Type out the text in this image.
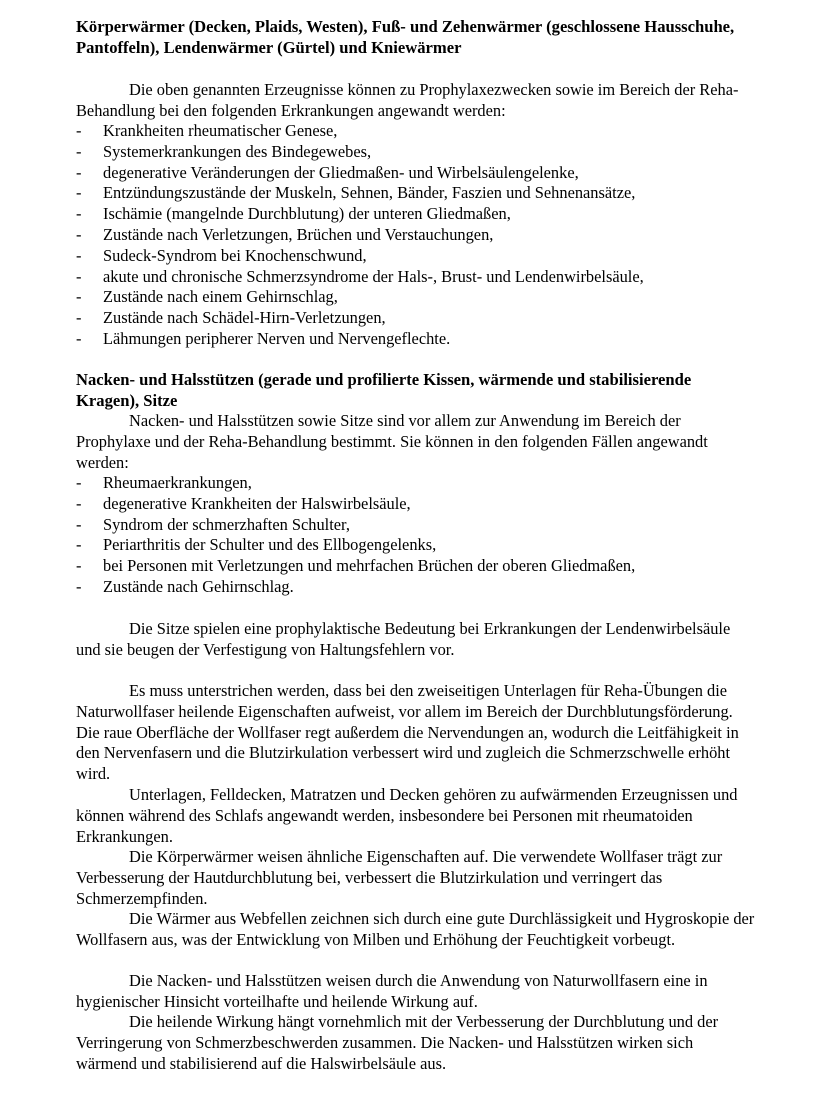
Körperwärmer (Decken, Plaids, Westen), Fuß- und Zehenwärmer (geschlossene Hausschuhe, Pantoffeln), Lendenwärmer (Gürtel) und Kniewärmer

Die oben genannten Erzeugnisse können zu Prophylaxezwecken sowie im Bereich der Reha-Behandlung bei den folgenden Erkrankungen angewandt werden:

- Krankheiten rheumatischer Genese,
- Systemerkrankungen des Bindegewebes,
- degenerative Veränderungen der Gliedmaßen- und Wirbelsäulengelenke,
- Entzündungszustände der Muskeln, Sehnen, Bänder, Faszien und Sehnenansätze,
- Ischämie (mangelnde Durchblutung) der unteren Gliedmaßen,
- Zustände nach Verletzungen, Brüchen und Verstauchungen,
- Sudeck-Syndrom bei Knochenschwund,
- akute und chronische Schmerzsyndrome der Hals-, Brust- und Lendenwirbelsäule,
- Zustände nach einem Gehirnschlag,
- Zustände nach Schädel-Hirn-Verletzungen,
- Lähmungen peripherer Nerven und Nervengeflechte.

Nacken- und Halsstützen (gerade und profilierte Kissen, wärmende und stabilisierende Kragen), Sitze

Nacken- und Halsstützen sowie Sitze sind vor allem zur Anwendung im Bereich der Prophylaxe und der Reha-Behandlung bestimmt. Sie können in den folgenden Fällen angewandt werden:

- Rheumaerkrankungen,
- degenerative Krankheiten der Halswirbelsäule,
- Syndrom der schmerzhaften Schulter,
- Periarthritis der Schulter und des Ellbogengelenks,
- bei Personen mit Verletzungen und mehrfachen Brüchen der oberen Gliedmaßen,
- Zustände nach Gehirnschlag.

Die Sitze spielen eine prophylaktische Bedeutung bei Erkrankungen der Lendenwirbelsäule und sie beugen der Verfestigung von Haltungsfehlern vor.

Es muss unterstrichen werden, dass bei den zweiseitigen Unterlagen für Reha-Übungen die Naturwollfaser heilende Eigenschaften aufweist, vor allem im Bereich der Durchblutungsförderung. Die raue Oberfläche der Wollfaser regt außerdem die Nervendungen an, wodurch die Leitfähigkeit in den Nervenfasern und die Blutzirkulation verbessert wird und zugleich die Schmerzschwelle erhöht wird.

Unterlagen, Felldecken, Matratzen und Decken gehören zu aufwärmenden Erzeugnissen und können während des Schlafs angewandt werden, insbesondere bei Personen mit rheumatoiden Erkrankungen.

Die Körperwärmer weisen ähnliche Eigenschaften auf. Die verwendete Wollfaser trägt zur Verbesserung der Hautdurchblutung bei, verbessert die Blutzirkulation und verringert das Schmerzempfinden.

Die Wärmer aus Webfellen zeichnen sich durch eine gute Durchlässigkeit und Hygroskopie der Wollfasern aus, was der Entwicklung von Milben und Erhöhung der Feuchtigkeit vorbeugt.

Die Nacken- und Halsstützen weisen durch die Anwendung von Naturwollfasern eine in hygienischer Hinsicht vorteilhafte und heilende Wirkung auf.

Die heilende Wirkung hängt vornehmlich mit der Verbesserung der Durchblutung und der Verringerung von Schmerzbeschwerden zusammen. Die Nacken- und Halsstützen wirken sich wärmend und stabilisierend auf die Halswirbelsäule aus.
